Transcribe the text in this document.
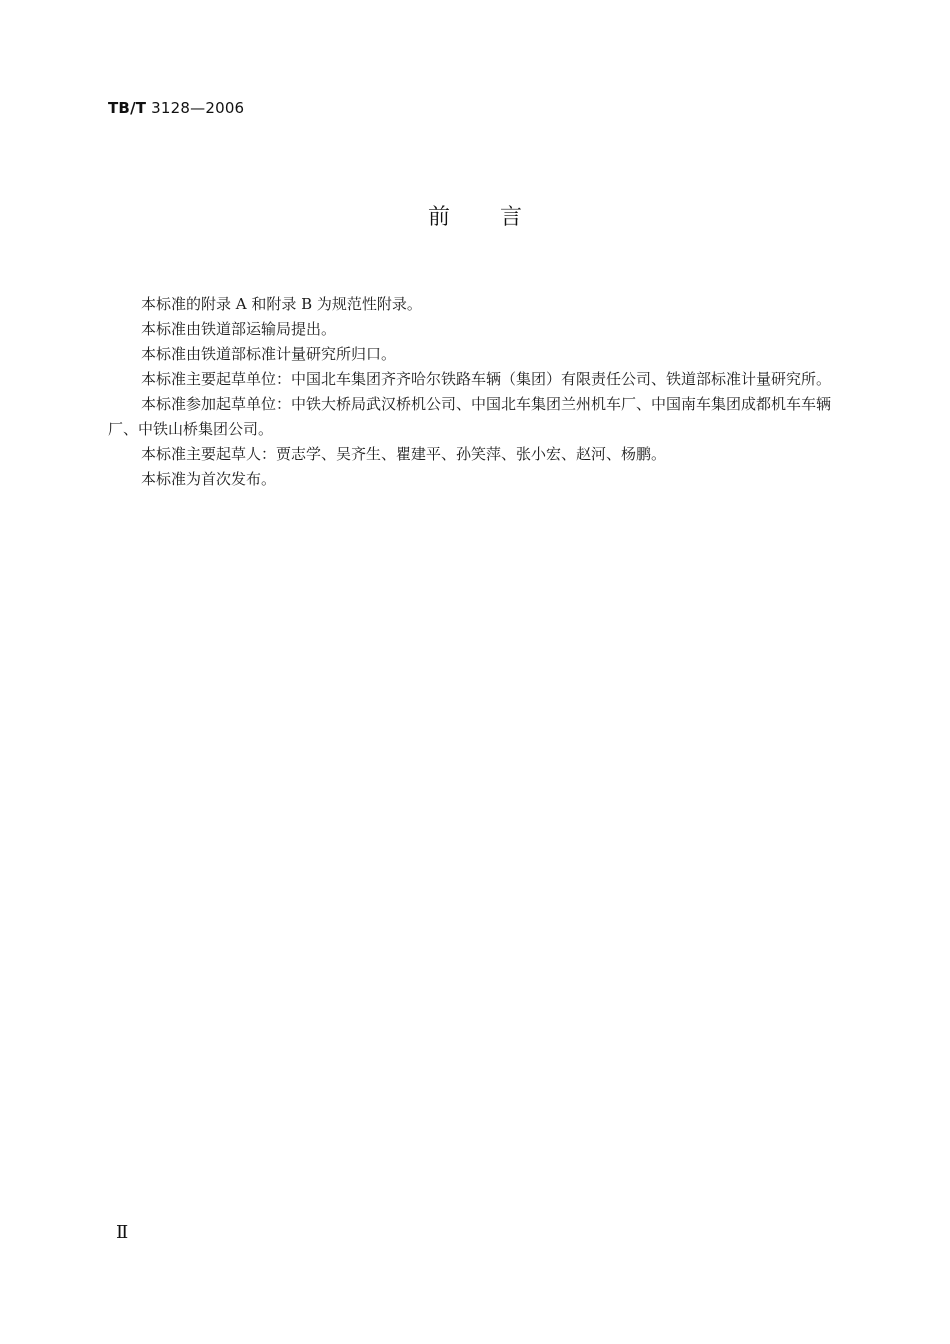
TB/T 3128—2006
前言

本标准的附录 A 和附录 B 为规范性附录。

本标准由铁道部运输局提出。

本标准由铁道部标准计量研究所归口。

本标准主要起草单位：中国北车集团齐齐哈尔铁路车辆（集团）有限责任公司、铁道部标准计量研究所。

本标准参加起草单位：中铁大桥局武汉桥机公司、中国北车集团兰州机车厂、中国南车集团成都机车车辆厂、中铁山桥集团公司。

本标准主要起草人：贾志学、吴齐生、瞿建平、孙笑萍、张小宏、赵河、杨鹏。

本标准为首次发布。

Ⅱ
